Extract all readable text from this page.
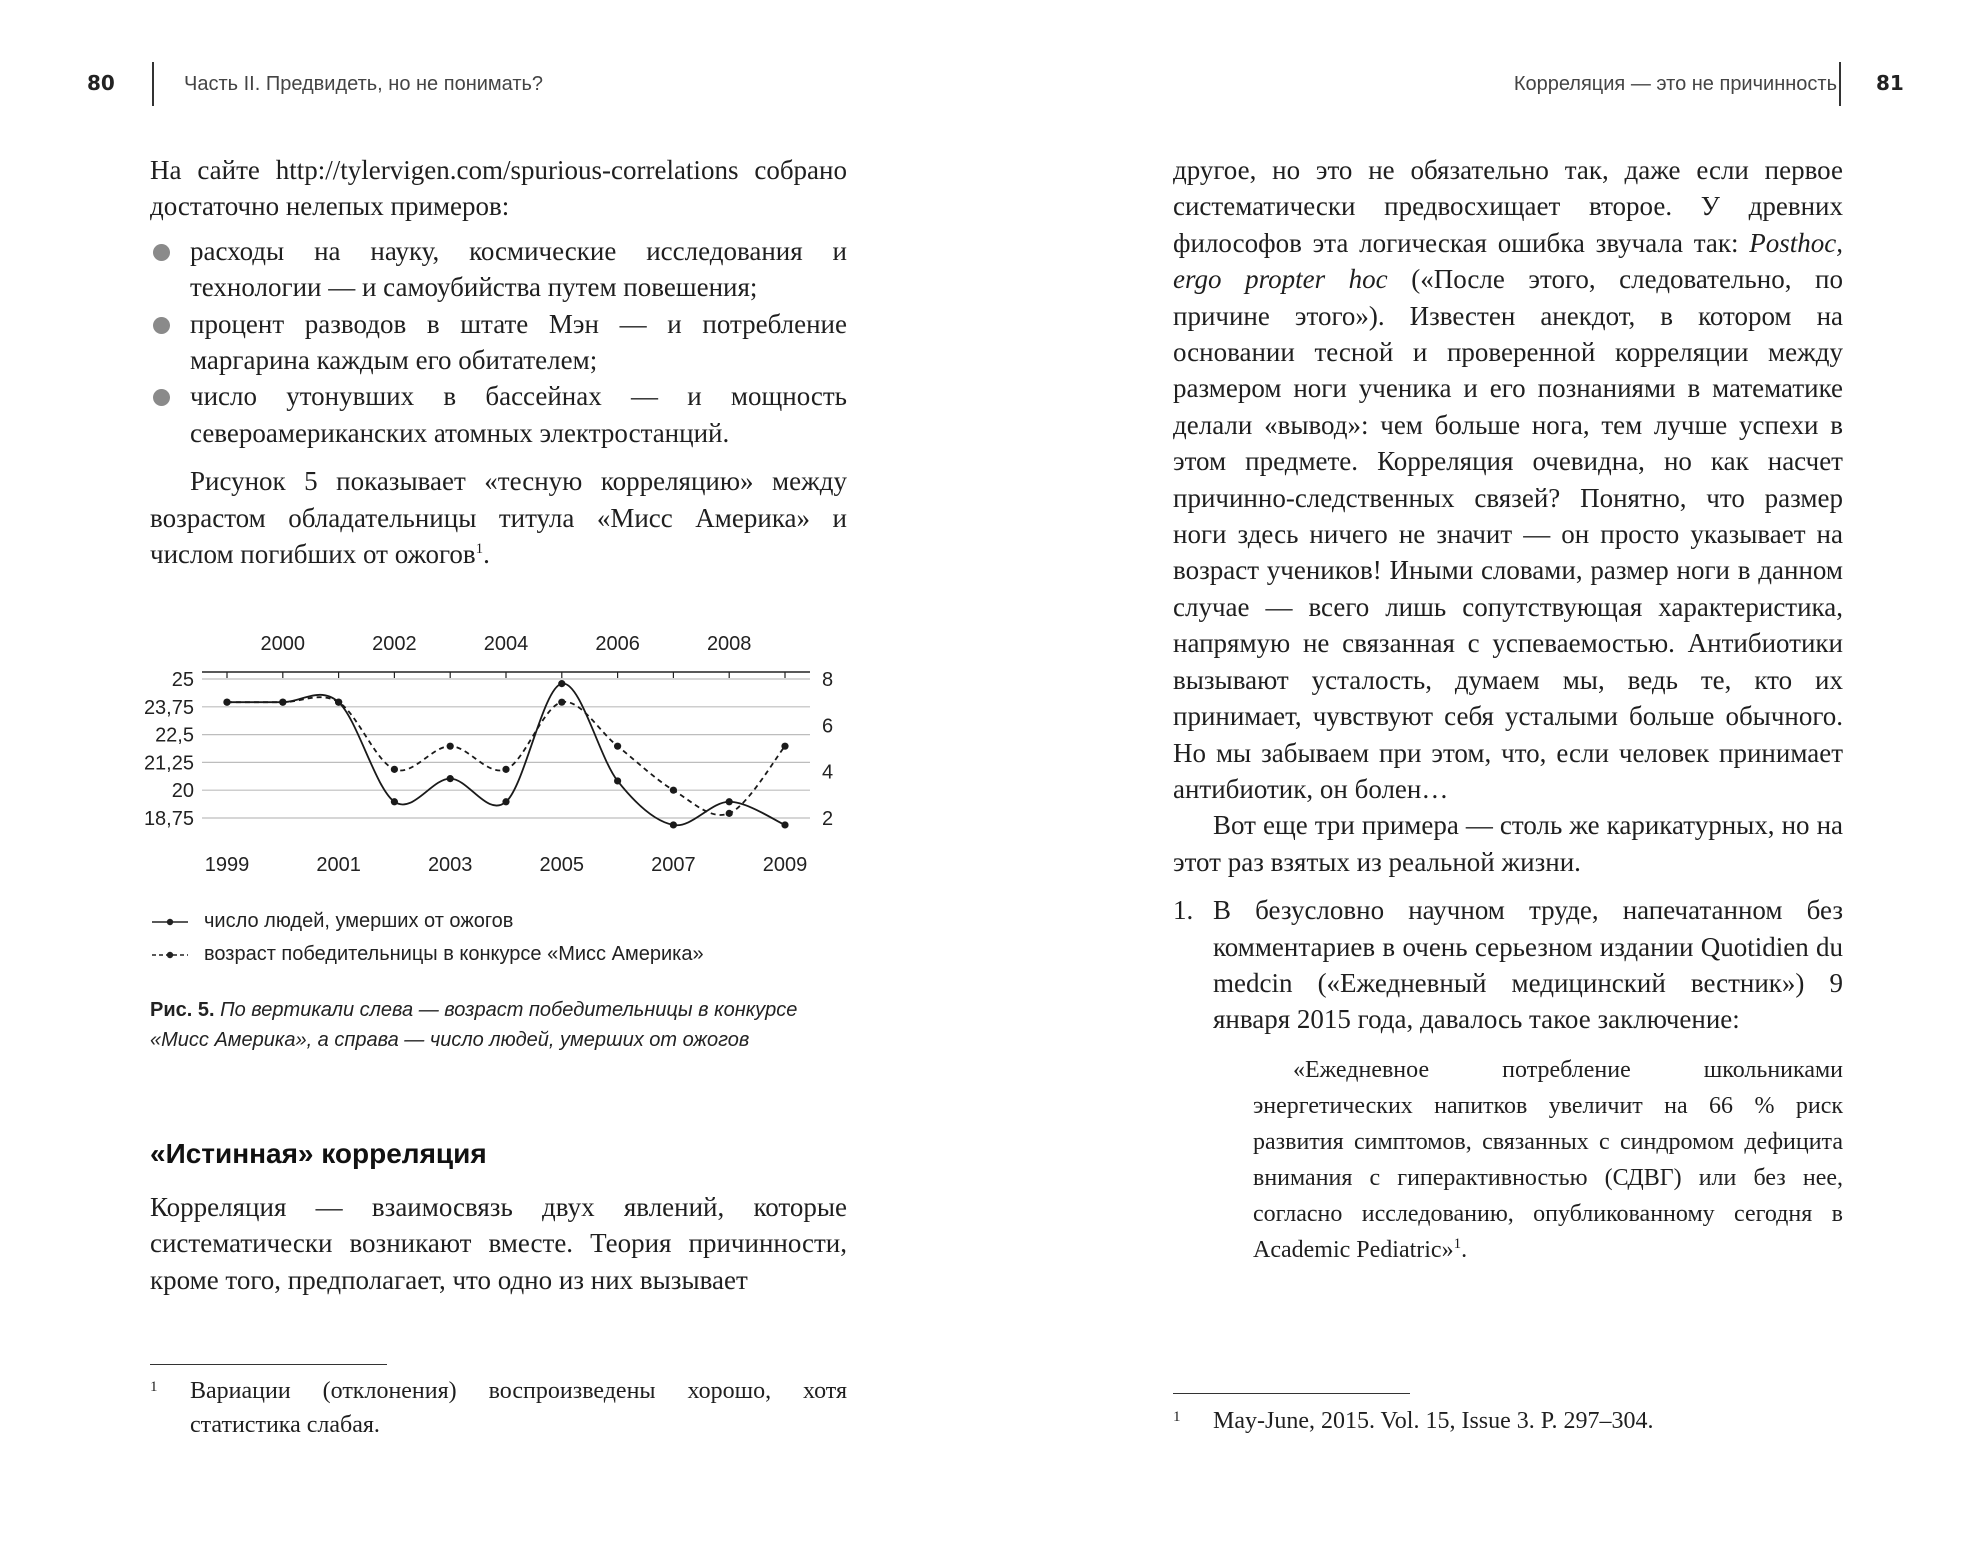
80	Часть II. Предвидеть, но не понимать?

На сайте http://tylervigen.com/spurious-correlations собрано достаточно нелепых примеров:

расходы на науку, космические исследования и технологии — и самоубийства путем повешения;
процент разводов в штате Мэн — и потребление маргарина каждым его обитателем;
число утонувших в бассейнах — и мощность североамериканских атомных электростанций.

Рисунок 5 показывает «тесную корреляцию» между возрастом обладательницы титула «Мисс Америка» и числом погибших от ожогов$^1$.

25
23,75
22,5
21,25
20
18,75
8
6
4
2
2000	2002	2004	2006	2008
1999	2001	2003	2005	2007	2009
число людей, умерших от ожогов
возраст победительницы в конкурсе «Мисс Америка»
Рис. 5. По вертикали слева — возраст победительницы в конкурсе «Мисс Америка», а справа — число людей, умерших от ожогов
«Истинная» корреляция

Корреляция — взаимосвязь двух явлений, которые систематически возникают вместе. Теория причинности, кроме того, предполагает, что одно из них вызывает

1 Вариации (отклонения) воспроизведены хорошо, хотя статистика слабая.
Корреляция — это не причинность 81

другое, но это не обязательно так, даже если первое систематически предвосхищает второе. У древних философов эта логическая ошибка звучала так: Posthoc, ergo propter hoc («После этого, следовательно, по причине этого»). Известен анекдот, в котором на основании тесной и проверенной корреляции между размером ноги ученика и его познаниями в математике делали «вывод»: чем больше нога, тем лучше успехи в этом предмете. Корреляция очевидна, но как насчет причинно-следственных связей? Понятно, что размер ноги здесь ничего не значит — он просто указывает на возраст учеников! Иными словами, размер ноги в данном случае — всего лишь сопутствующая характеристика, напрямую не связанная с успеваемостью. Антибиотики вызывают усталость, думаем мы, ведь те, кто их принимает, чувствуют себя усталыми больше обычного. Но мы забываем при этом, что, если человек принимает антибиотик, он болен…

Вот еще три примера — столь же карикатурных, но на этот раз взятых из реальной жизни.

1. В безусловно научном труде, напечатанном без комментариев в очень серьезном издании Quotidien du medcin («Ежедневный медицинский вестник») 9 января 2015 года, давалось такое заключение:

«Ежедневное потребление школьниками энергетических напитков увеличит на 66 % риск развития симптомов, связанных с синдромом дефицита внимания с гиперактивностью (СДВГ) или без нее, согласно исследованию, опубликованному сегодня в Academic Pediatric»$^1$.

1 May-June, 2015. Vol. 15, Issue 3. P. 297–304.
